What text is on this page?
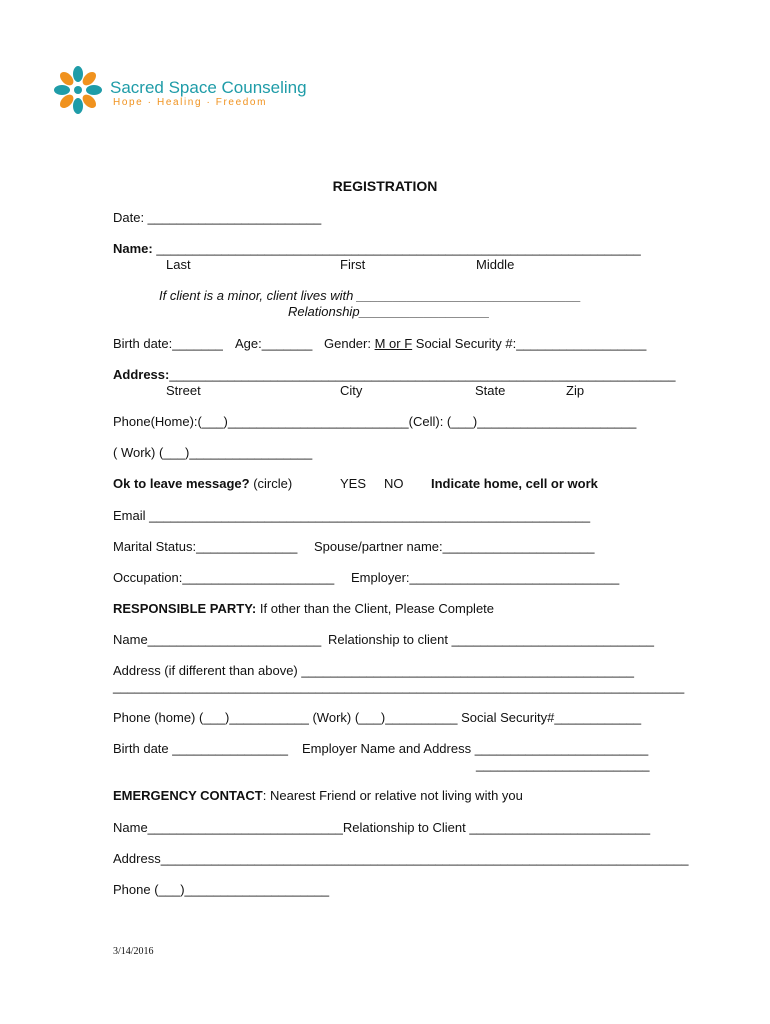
Sacred Space Counseling
Hope · Healing · Freedom
REGISTRATION
Date: ________________________
Name: ___________________________________________________________________
Last	First	Middle
If client is a minor, client lives with _______________________________
Relationship__________________
Birth date:_______ Age:_______ Gender: M or F Social Security #:__________________
Address:______________________________________________________________________
Street	City	State	Zip
Phone(Home):(___)_________________________(Cell): (___)______________________
( Work) (___)_________________
Ok to leave message? (circle)	YES NO Indicate home, cell or work
Email _____________________________________________________________
Marital Status:______________ Spouse/partner name:_____________________
Occupation:_____________________ Employer:_____________________________
RESPONSIBLE PARTY: If other than the Client, Please Complete
Name________________________ Relationship to client ____________________________
Address (if different than above) ______________________________________________
_______________________________________________________________________________
Phone (home) (___)___________ (Work) (___)__________ Social Security#____________
Birth date ________________ Employer Name and Address ________________________
________________________
EMERGENCY CONTACT: Nearest Friend or relative not living with you
Name___________________________Relationship to Client _________________________
Address_________________________________________________________________________
Phone (___)____________________
3/14/2016
